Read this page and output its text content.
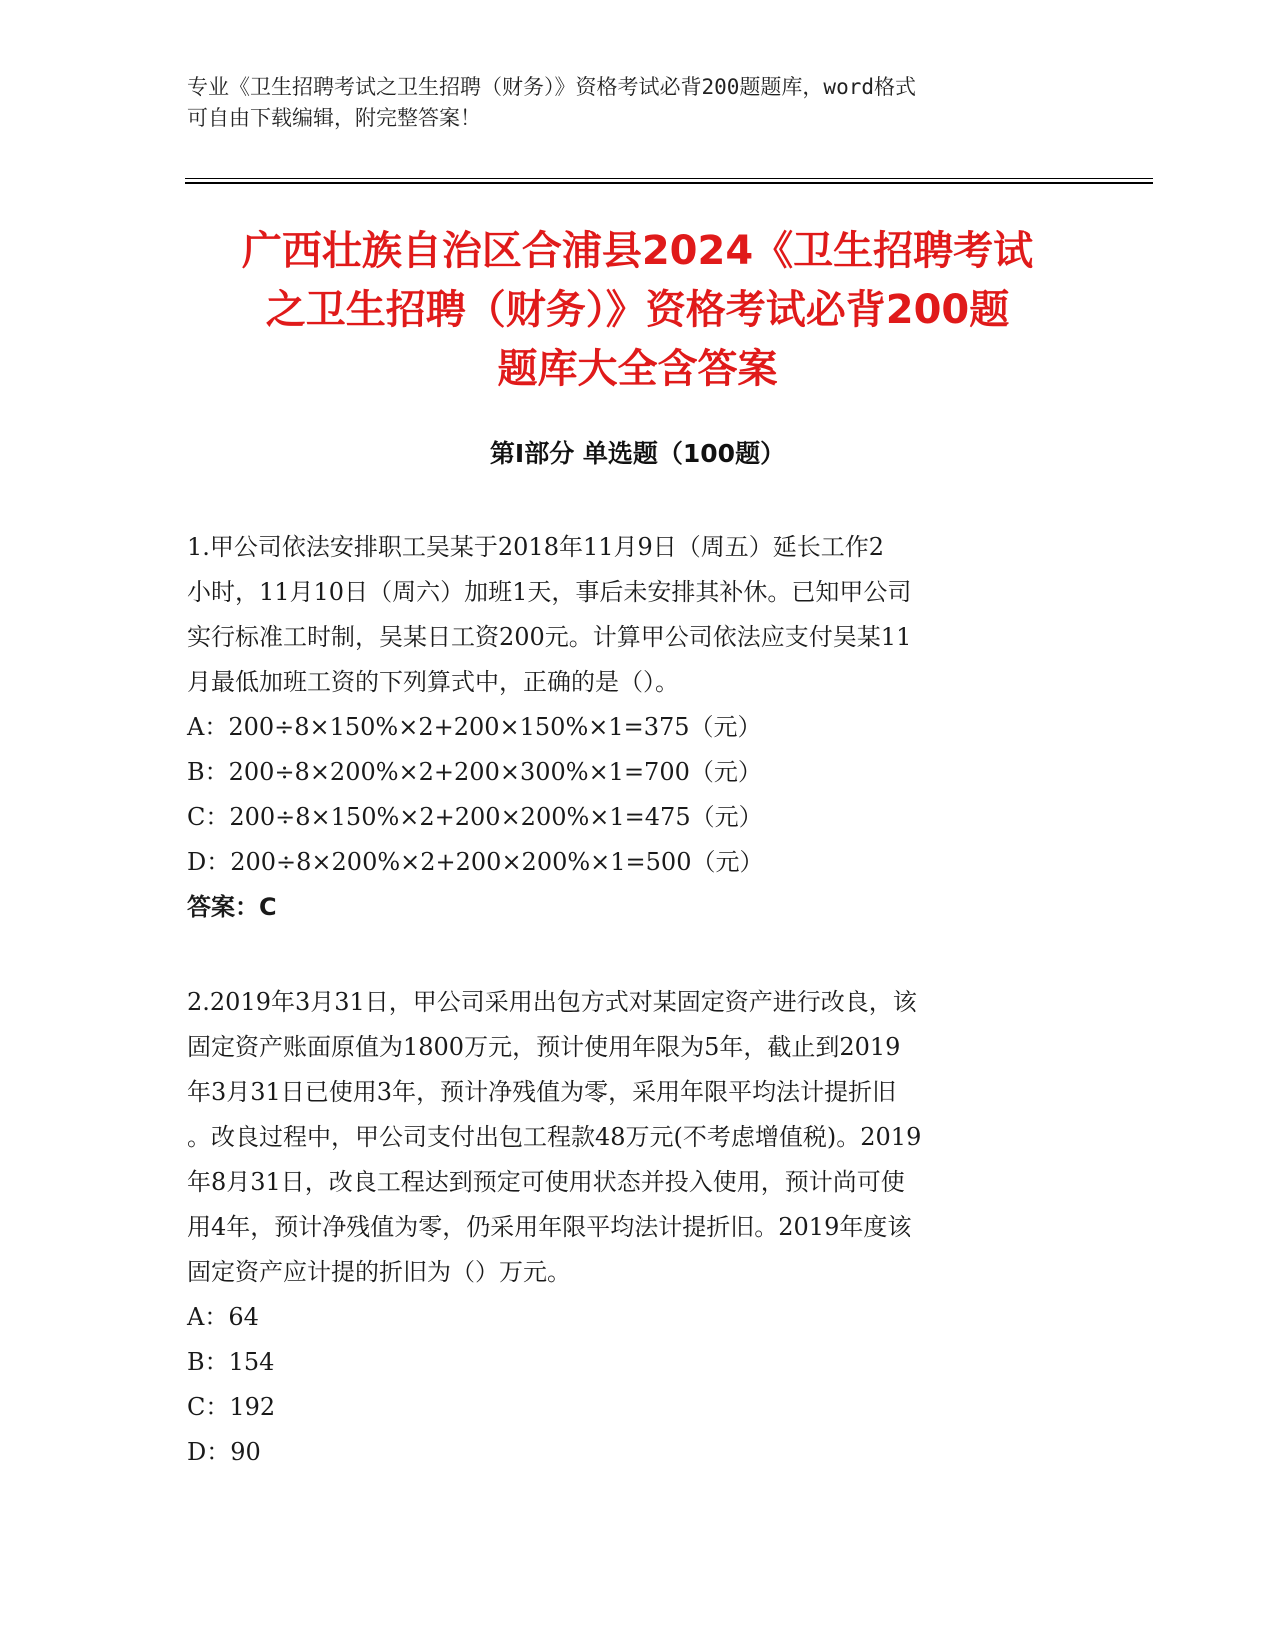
专业《卫生招聘考试之卫生招聘（财务）》资格考试必背200题题库，word格式
可自由下载编辑，附完整答案！
广西壮族自治区合浦县2024《卫生招聘考试
之卫生招聘（财务）》资格考试必背200题
题库大全含答案
第Ⅰ部分 单选题（100题）
1.甲公司依法安排职工吴某于2018年11月9日（周五）延长工作2
小时，11月10日（周六）加班1天，事后未安排其补休。已知甲公司
实行标准工时制，吴某日工资200元。计算甲公司依法应支付吴某11
月最低加班工资的下列算式中，正确的是（）。
A：200÷8×150%×2+200×150%×1=375（元）
B：200÷8×200%×2+200×300%×1=700（元）
C：200÷8×150%×2+200×200%×1=475（元）
D：200÷8×200%×2+200×200%×1=500（元）
答案：C
2.2019年3月31日，甲公司采用出包方式对某固定资产进行改良，该
固定资产账面原值为1800万元，预计使用年限为5年，截止到2019
年3月31日已使用3年，预计净残值为零，采用年限平均法计提折旧
。改良过程中，甲公司支付出包工程款48万元(不考虑增值税)。2019
年8月31日，改良工程达到预定可使用状态并投入使用，预计尚可使
用4年，预计净残值为零，仍采用年限平均法计提折旧。2019年度该
固定资产应计提的折旧为（）万元。
A：64
B：154
C：192
D：90
